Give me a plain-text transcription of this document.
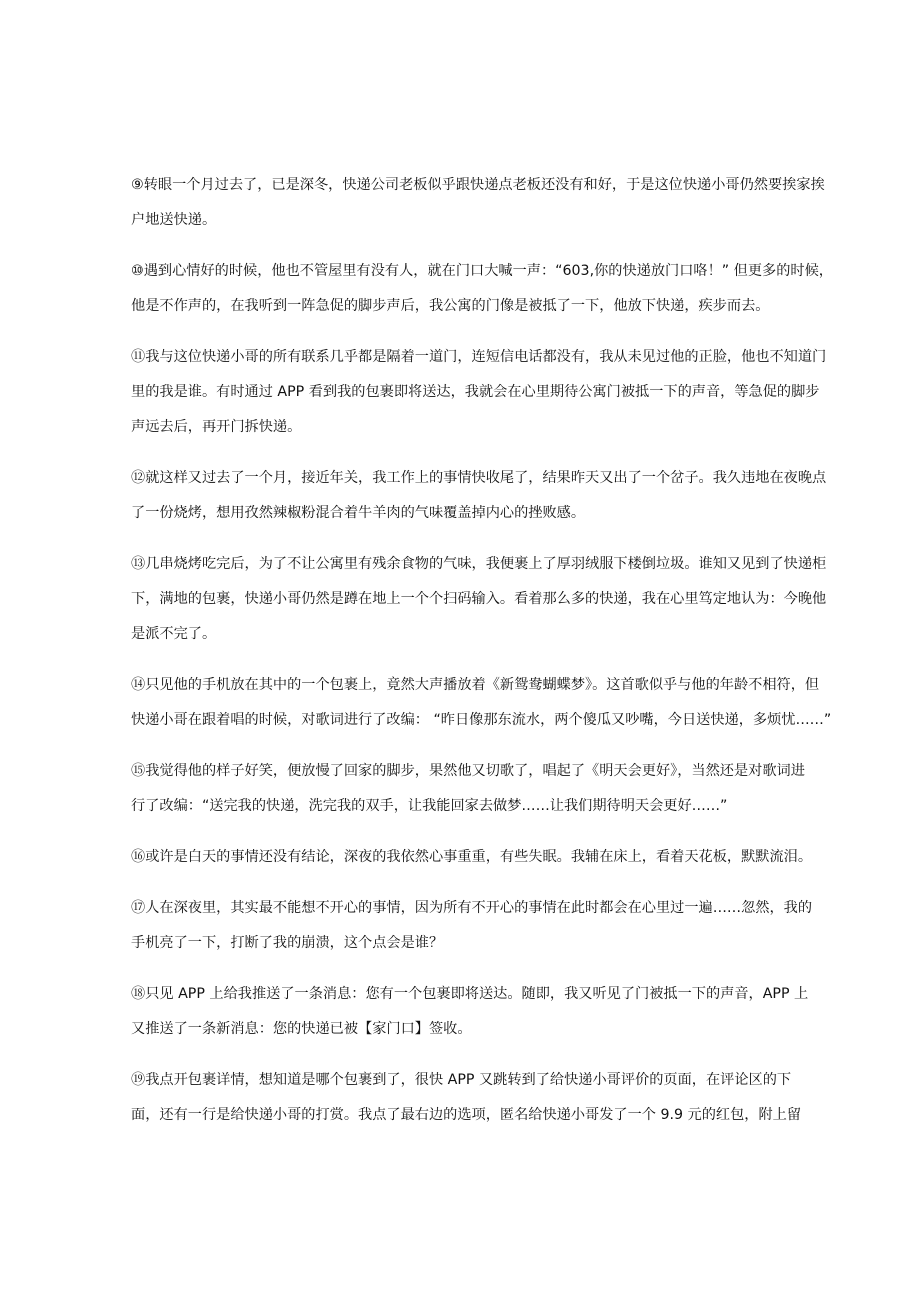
⑨转眼一个月过去了，已是深冬，快递公司老板似乎跟快递点老板还没有和好，于是这位快递小哥仍然要挨家挨
户地送快递。

⑩遇到心情好的时候，他也不管屋里有没有人，就在门口大喊一声：“603,你的快递放门口咯！” 但更多的时候，
他是不作声的，在我听到一阵急促的脚步声后，我公寓的门像是被抵了一下，他放下快递，疾步而去。

⑪我与这位快递小哥的所有联系几乎都是隔着一道门，连短信电话都没有，我从未见过他的正脸，他也不知道门
里的我是谁。有时通过 APP 看到我的包裹即将送达，我就会在心里期待公寓门被抵一下的声音，等急促的脚步
声远去后，再开门拆快递。

⑫就这样又过去了一个月，接近年关，我工作上的事情快收尾了，结果昨天又出了一个岔子。我久违地在夜晚点
了一份烧烤，想用孜然辣椒粉混合着牛羊肉的气味覆盖掉内心的挫败感。

⑬几串烧烤吃完后，为了不让公寓里有残余食物的气味，我便裹上了厚羽绒服下楼倒垃圾。谁知又见到了快递柜
下，满地的包裹，快递小哥仍然是蹲在地上一个个扫码输入。看着那么多的快递，我在心里笃定地认为：今晚他
是派不完了。

⑭只见他的手机放在其中的一个包裹上，竟然大声播放着《新鸳鸯蝴蝶梦》。这首歌似乎与他的年龄不相符，但
快递小哥在跟着唱的时候，对歌词进行了改编： “昨日像那东流水，两个傻瓜又吵嘴，今日送快递，多烦忧……”

⑮我觉得他的样子好笑，便放慢了回家的脚步，果然他又切歌了，唱起了《明天会更好》，当然还是对歌词进
行了改编：“送完我的快递，洗完我的双手，让我能回家去做梦……让我们期待明天会更好……”

⑯或许是白天的事情还没有结论，深夜的我依然心事重重，有些失眠。我辅在床上，看着天花板，默默流泪。

⑰人在深夜里，其实最不能想不开心的事情，因为所有不开心的事情在此时都会在心里过一遍……忽然，我的
手机亮了一下，打断了我的崩溃，这个点会是谁？

⑱只见 APP 上给我推送了一条消息：您有一个包裹即将送达。随即，我又听见了门被抵一下的声音，APP 上
又推送了一条新消息：您的快递已被【家门口】签收。

⑲我点开包裹详情，想知道是哪个包裹到了，很快 APP 又跳转到了给快递小哥评价的页面，在评论区的下
面，还有一行是给快递小哥的打赏。我点了最右边的选项，匿名给快递小哥发了一个 9.9 元的红包，附上留
